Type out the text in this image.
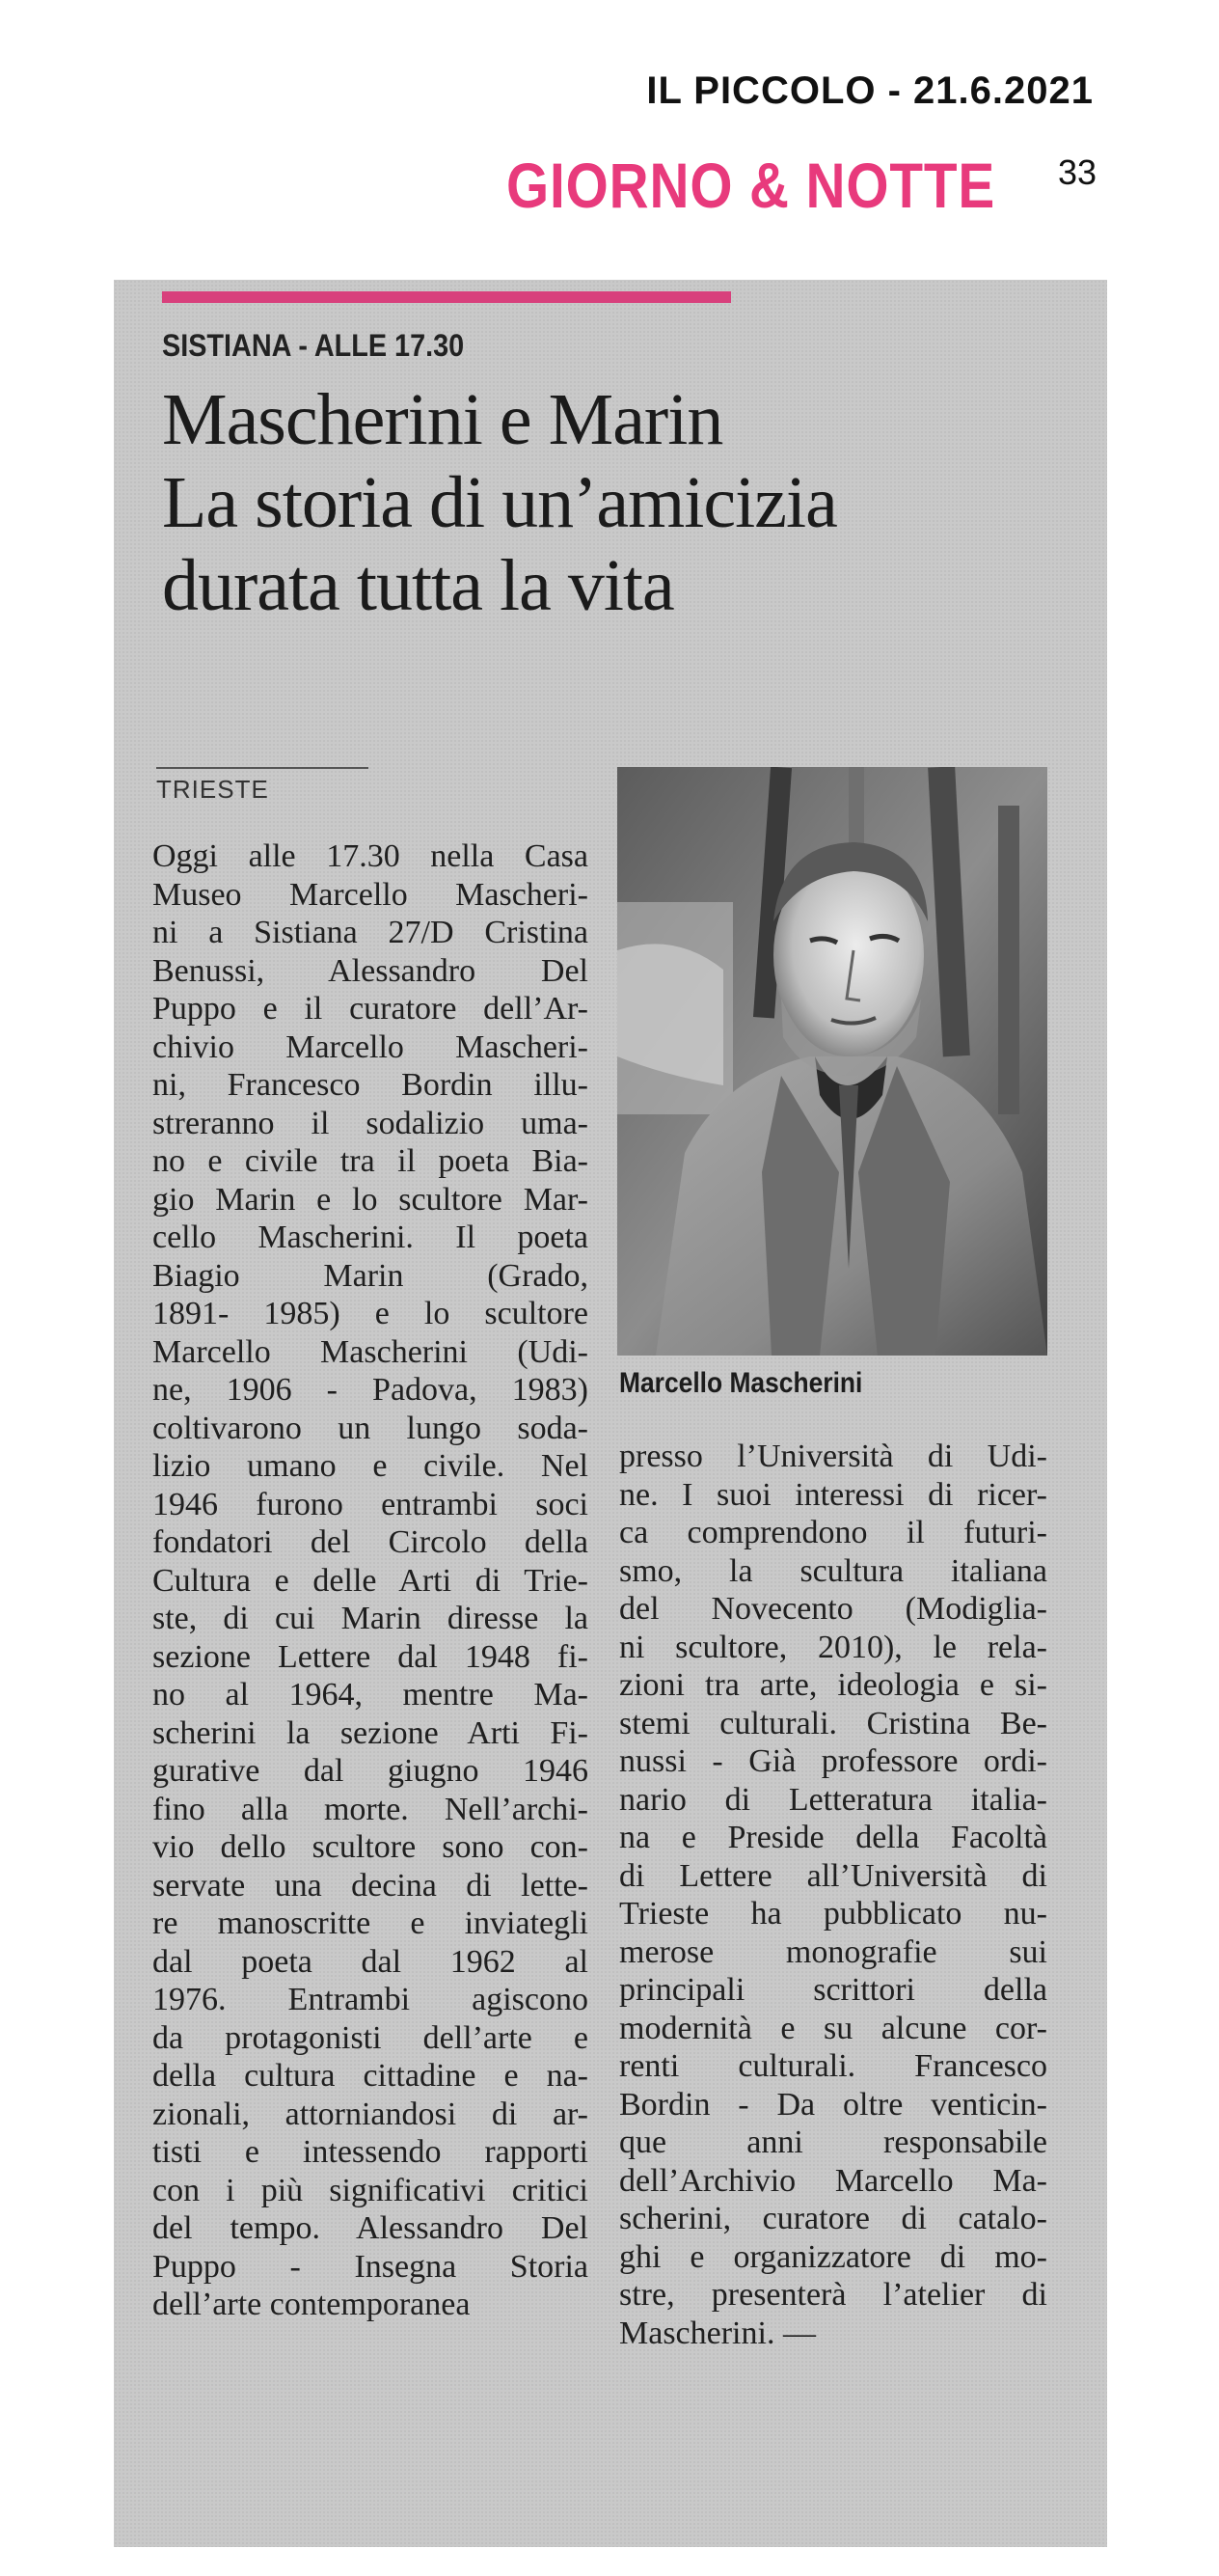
IL PICCOLO - 21.6.2021
GIORNO & NOTTE 33
SISTIANA - ALLE 17.30
Mascherini e Marin
La storia di un’amicizia
durata tutta la vita
TRIESTE
Marcello Mascherini
Oggi alle 17.30 nella Casa
Museo Marcello Mascheri-
ni a Sistiana 27/D Cristina
Benussi, Alessandro Del
Puppo e il curatore dell’Ar-
chivio Marcello Mascheri-
ni, Francesco Bordin illu-
streranno il sodalizio uma-
no e civile tra il poeta Bia-
gio Marin e lo scultore Mar-
cello Mascherini. Il poeta
Biagio Marin (Grado,
1891- 1985) e lo scultore
Marcello Mascherini (Udi-
ne, 1906 - Padova, 1983)
coltivarono un lungo soda-
lizio umano e civile. Nel
1946 furono entrambi soci
fondatori del Circolo della
Cultura e delle Arti di Trie-
ste, di cui Marin diresse la
sezione Lettere dal 1948 fi-
no al 1964, mentre Ma-
scherini la sezione Arti Fi-
gurative dal giugno 1946
fino alla morte. Nell’archi-
vio dello scultore sono con-
servate una decina di lette-
re manoscritte e inviategli
dal poeta dal 1962 al
1976. Entrambi agiscono
da protagonisti dell’arte e
della cultura cittadine e na-
zionali, attorniandosi di ar-
tisti e intessendo rapporti
con i più significativi critici
del tempo. Alessandro Del
Puppo - Insegna Storia
dell’arte contemporanea
presso l’Università di Udi-
ne. I suoi interessi di ricer-
ca comprendono il futuri-
smo, la scultura italiana
del Novecento (Modiglia-
ni scultore, 2010), le rela-
zioni tra arte, ideologia e si-
stemi culturali. Cristina Be-
nussi - Già professore ordi-
nario di Letteratura italia-
na e Preside della Facoltà
di Lettere all’Università di
Trieste ha pubblicato nu-
merose monografie sui
principali scrittori della
modernità e su alcune cor-
renti culturali. Francesco
Bordin - Da oltre venticin-
que anni responsabile
dell’Archivio Marcello Ma-
scherini, curatore di catalo-
ghi e organizzatore di mo-
stre, presenterà l’atelier di
Mascherini. —
